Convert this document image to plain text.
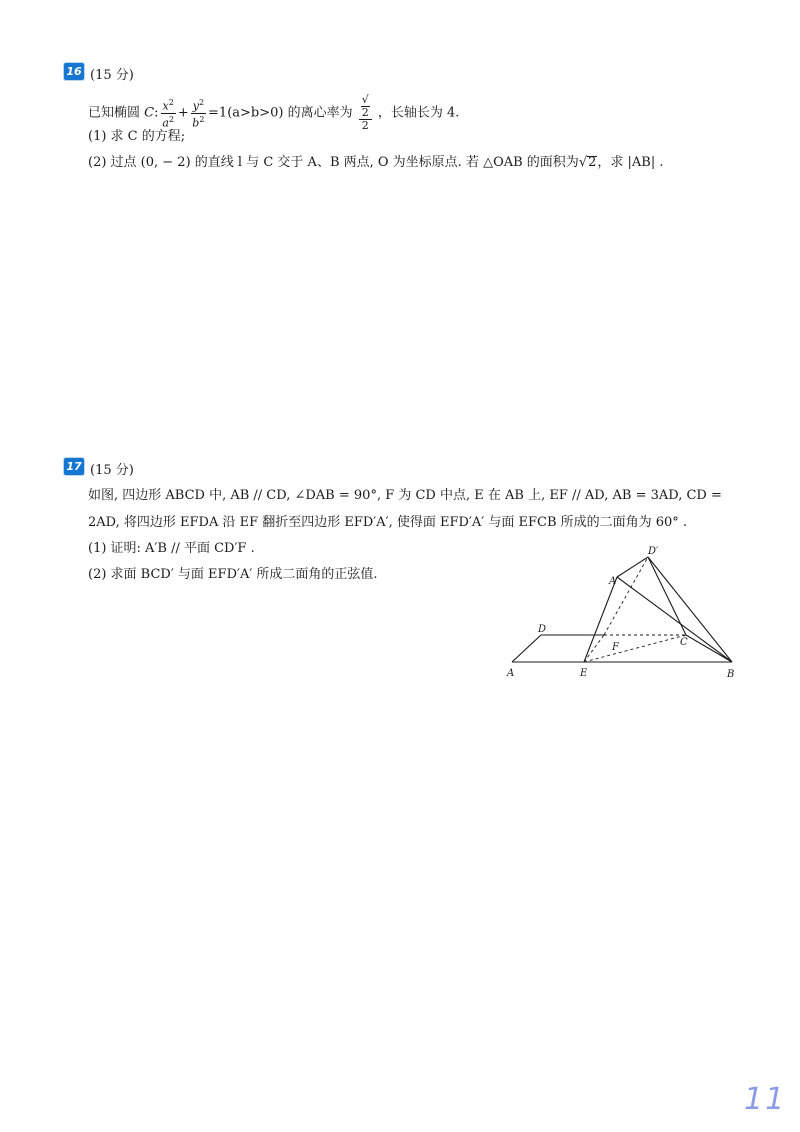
16 (15 分)
已知椭圆 C: $\frac{x^2}{a^2} + \frac{y^2}{b^2} =1(a>b>0)$ 的离心率为 √
2
2 ，长轴长为 4.
(1) 求 C 的方程;
(2) 过点 (0, − 2) 的直线 l 与 C 交于 A、B 两点, O 为坐标原点. 若 △OAB 的面积为√2，求 |AB| .
17 (15 分)
如图, 四边形 ABCD 中, AB // CD, ∠DAB = 90°, F 为 CD 中点, E 在 AB 上, EF // AD, AB = 3AD, CD =
2AD, 将四边形 EFDA 沿 EF 翻折至四边形 EFD′A′, 使得面 EFD′A′ 与面 EFCB 所成的二面角为 60° .
(1) 证明: A′B // 平面 CD′F .
(2) 求面 BCD′ 与面 EFD′A′ 所成二面角的正弦值.
A	B
C
D
E
F
D′
A′
11
